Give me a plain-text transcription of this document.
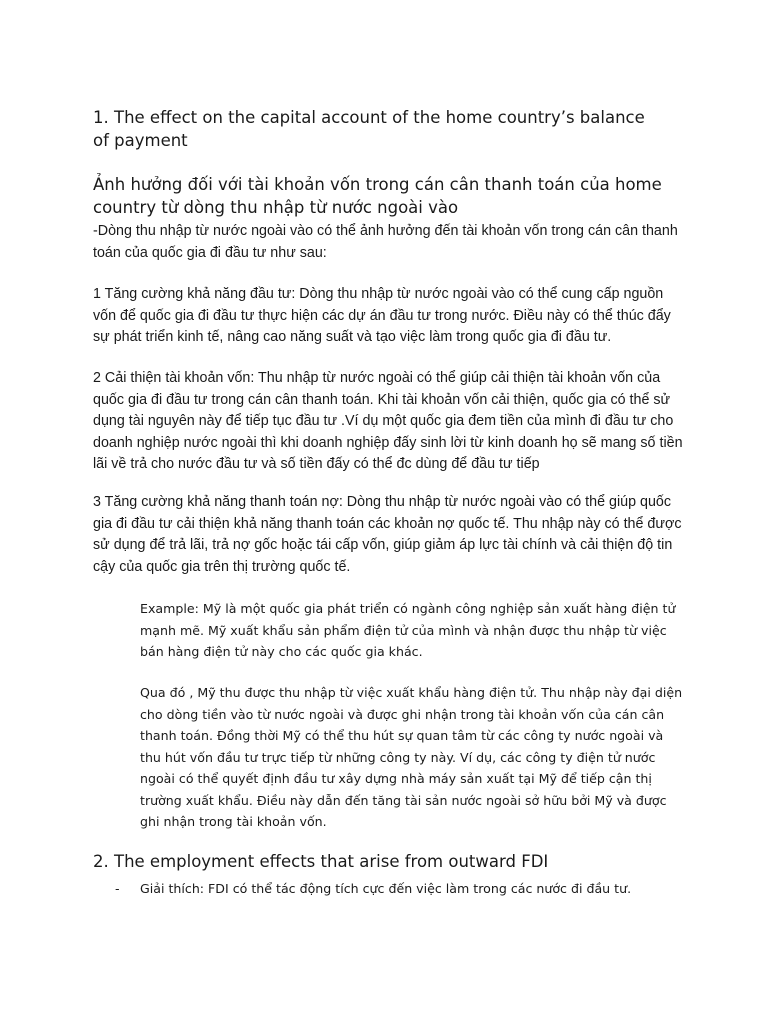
1. The effect on the capital account of the home country’s balance of payment

Ảnh hưởng đối với tài khoản vốn trong cán cân thanh toán của home country từ dòng thu nhập từ nước ngoài vào

-Dòng thu nhập từ nước ngoài vào có thể ảnh hưởng đến tài khoản vốn trong cán cân thanh toán của quốc gia đi đầu tư như sau:

1 Tăng cường khả năng đầu tư: Dòng thu nhập từ nước ngoài vào có thể cung cấp nguồn vốn để quốc gia đi đầu tư thực hiện các dự án đầu tư trong nước. Điều này có thể thúc đẩy sự phát triển kinh tế, nâng cao năng suất và tạo việc làm trong quốc gia đi đầu tư.

2 Cải thiện tài khoản vốn: Thu nhập từ nước ngoài có thể giúp cải thiện tài khoản vốn của quốc gia đi đầu tư trong cán cân thanh toán. Khi tài khoản vốn cải thiện, quốc gia có thể sử dụng tài nguyên này để tiếp tục đầu tư .Ví dụ một quốc gia đem tiền của mình đi đầu tư cho doanh nghiệp nước ngoài thì khi doanh nghiệp đấy sinh lời từ kinh doanh họ sẽ mang số tiền lãi về trả cho nước đầu tư và số tiền đấy có thể đc dùng để đầu tư tiếp

3 Tăng cường khả năng thanh toán nợ: Dòng thu nhập từ nước ngoài vào có thể giúp quốc gia đi đầu tư cải thiện khả năng thanh toán các khoản nợ quốc tế. Thu nhập này có thể được sử dụng để trả lãi, trả nợ gốc hoặc tái cấp vốn, giúp giảm áp lực tài chính và cải thiện độ tin cậy của quốc gia trên thị trường quốc tế.

Example: Mỹ là một quốc gia phát triển có ngành công nghiệp sản xuất hàng điện tử mạnh mẽ. Mỹ xuất khẩu sản phẩm điện tử của mình và nhận được thu nhập từ việc bán hàng điện tử này cho các quốc gia khác.

Qua đó , Mỹ thu được thu nhập từ việc xuất khẩu hàng điện tử. Thu nhập này đại diện cho dòng tiền vào từ nước ngoài và được ghi nhận trong tài khoản vốn của cán cân thanh toán. Đồng thời Mỹ có thể thu hút sự quan tâm từ các công ty nước ngoài và thu hút vốn đầu tư trực tiếp từ những công ty này. Ví dụ, các công ty điện tử nước ngoài có thể quyết định đầu tư xây dựng nhà máy sản xuất tại Mỹ để tiếp cận thị trường xuất khẩu. Điều này dẫn đến tăng tài sản nước ngoài sở hữu bởi Mỹ và được ghi nhận trong tài khoản vốn.

2. The employment effects that arise from outward FDI

-	Giải thích: FDI có thể tác động tích cực đến việc làm trong các nước đi đầu tư.
